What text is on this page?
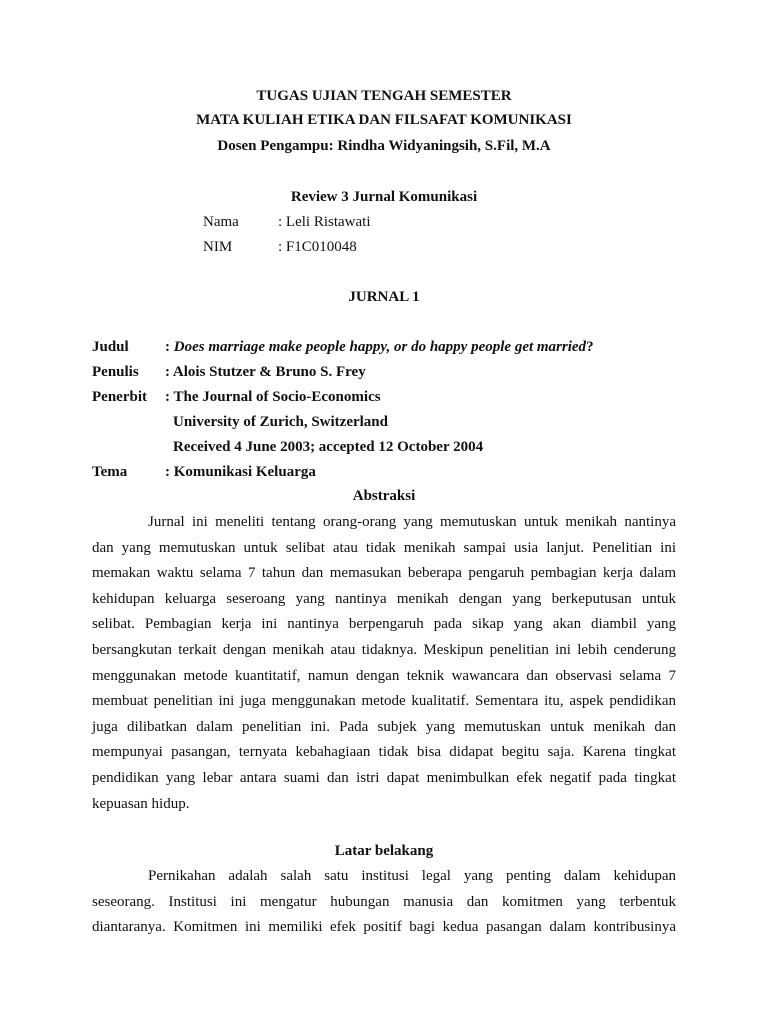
TUGAS UJIAN TENGAH SEMESTER
MATA KULIAH ETIKA DAN FILSAFAT KOMUNIKASI
Dosen Pengampu: Rindha Widyaningsih, S.Fil, M.A
Review 3 Jurnal Komunikasi
Nama	: Leli Ristawati
NIM	: F1C010048
JURNAL 1
Judul : Does marriage make people happy, or do happy people get married?
Penulis : Alois Stutzer & Bruno S. Frey
Penerbit : The Journal of Socio-Economics
University of Zurich, Switzerland
Received 4 June 2003; accepted 12 October 2004
Tema	: Komunikasi Keluarga
Abstraksi
Jurnal ini meneliti tentang orang-orang yang memutuskan untuk menikah nantinya
dan yang memutuskan untuk selibat atau tidak menikah sampai usia lanjut. Penelitian ini
memakan waktu selama 7 tahun dan memasukan beberapa pengaruh pembagian kerja dalam
kehidupan keluarga seseroang yang nantinya menikah dengan yang berkeputusan untuk
selibat. Pembagian kerja ini nantinya berpengaruh pada sikap yang akan diambil yang
bersangkutan terkait dengan menikah atau tidaknya. Meskipun penelitian ini lebih cenderung
menggunakan metode kuantitatif, namun dengan teknik wawancara dan observasi selama 7
membuat penelitian ini juga menggunakan metode kualitatif. Sementara itu, aspek pendidikan
juga dilibatkan dalam penelitian ini. Pada subjek yang memutuskan untuk menikah dan
mempunyai pasangan, ternyata kebahagiaan tidak bisa didapat begitu saja. Karena tingkat
pendidikan yang lebar antara suami dan istri dapat menimbulkan efek negatif pada tingkat
kepuasan hidup.
Latar belakang
Pernikahan adalah salah satu institusi legal yang penting dalam kehidupan
seseorang. Institusi ini mengatur hubungan manusia dan komitmen yang terbentuk
diantaranya. Komitmen ini memiliki efek positif bagi kedua pasangan dalam kontribusinya
